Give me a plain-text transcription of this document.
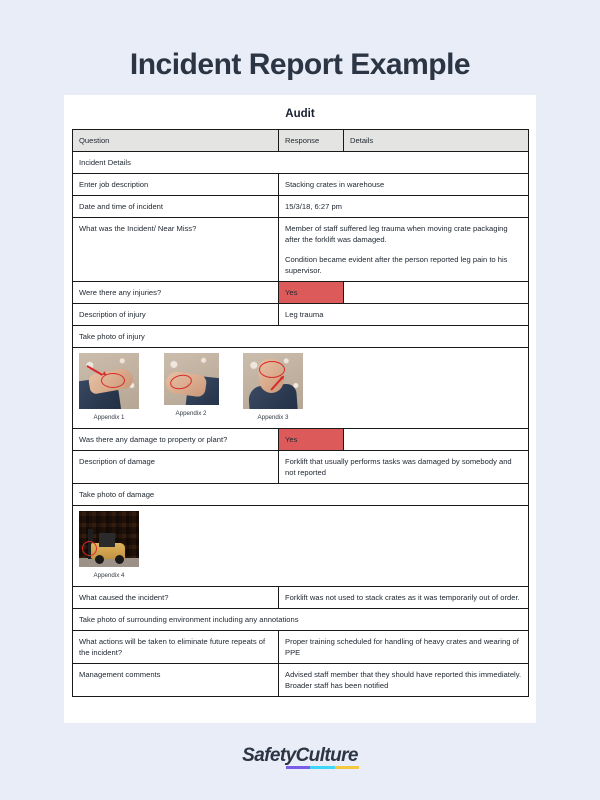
Incident Report Example
Audit
Question	Response	Details
Incident Details		
Enter job description	Stacking crates in warehouse	
Date and time of incident	15/3/18, 6:27 pm	
What was the Incident/ Near Miss?	Member of staff suffered leg trauma when moving crate packaging after the forklift was damaged.

Condition became evident after the person reported leg pain to his supervisor.	

Were there any injuries?	Yes	
Description of injury	Leg trauma	
Take photo of injury		

Appendix 1
Appendix 2
Appendix 3		

Was there any damage to property or plant?	Yes	
Description of damage	Forklift that usually performs tasks was damaged by somebody and not reported	
Take photo of damage		

Appendix 4		

What caused the incident?	Forklift was not used to stack crates as it was temporarily out of order.	
Take photo of surrounding environment including any annotations		
What actions will be taken to eliminate future repeats of the incident?	Proper training scheduled for handling of heavy crates and wearing of PPE	
Management comments	Advised staff member that they should have reported this immediately. Broader staff has been notified	
SafetyCulture
